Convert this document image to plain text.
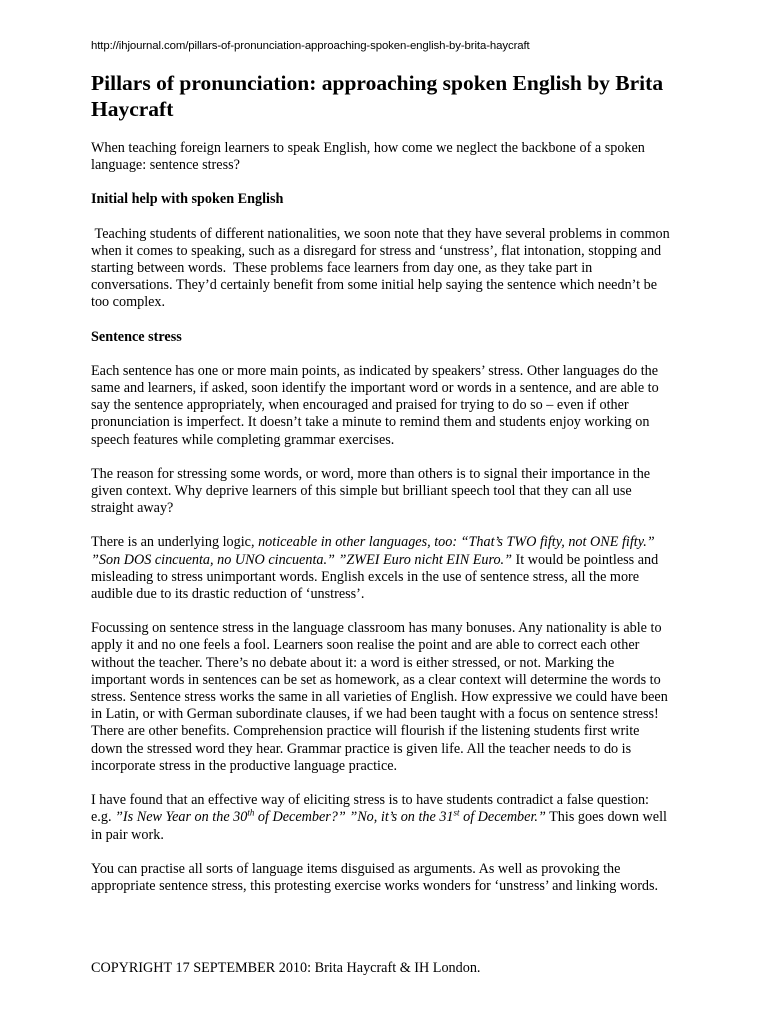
http://ihjournal.com/pillars-of-pronunciation-approaching-spoken-english-by-brita-haycraft
Pillars of pronunciation: approaching spoken English by Brita Haycraft

When teaching foreign learners to speak English, how come we neglect the backbone of a spoken language: sentence stress?

Initial help with spoken English

Teaching students of different nationalities, we soon note that they have several problems in common when it comes to speaking, such as a disregard for stress and ‘unstress’, flat intonation, stopping and starting between words.  These problems face learners from day one, as they take part in conversations. They’d certainly benefit from some initial help saying the sentence which needn’t be too complex.

Sentence stress

Each sentence has one or more main points, as indicated by speakers’ stress. Other languages do the same and learners, if asked, soon identify the important word or words in a sentence, and are able to say the sentence appropriately, when encouraged and praised for trying to do so – even if other pronunciation is imperfect. It doesn’t take a minute to remind them and students enjoy working on speech features while completing grammar exercises.

The reason for stressing some words, or word, more than others is to signal their importance in the given context. Why deprive learners of this simple but brilliant speech tool that they can all use straight away?

There is an underlying logic, noticeable in other languages, too: “That’s TWO fifty, not ONE fifty.” ”Son DOS cincuenta, no UNO cincuenta.” ”ZWEI Euro nicht EIN Euro.” It would be pointless and misleading to stress unimportant words. English excels in the use of sentence stress, all the more audible due to its drastic reduction of ‘unstress’.

Focussing on sentence stress in the language classroom has many bonuses. Any nationality is able to apply it and no one feels a fool. Learners soon realise the point and are able to correct each other without the teacher. There’s no debate about it: a word is either stressed, or not. Marking the important words in sentences can be set as homework, as a clear context will determine the words to stress. Sentence stress works the same in all varieties of English. How expressive we could have been in Latin, or with German subordinate clauses, if we had been taught with a focus on sentence stress! There are other benefits. Comprehension practice will flourish if the listening students first write down the stressed word they hear. Grammar practice is given life. All the teacher needs to do is incorporate stress in the productive language practice.

I have found that an effective way of eliciting stress is to have students contradict a false question: e.g. ”Is New Year on the 30th of December?” ”No, it’s on the 31st of December.” This goes down well in pair work.

You can practise all sorts of language items disguised as arguments. As well as provoking the appropriate sentence stress, this protesting exercise works wonders for ‘unstress’ and linking words.

COPYRIGHT 17 SEPTEMBER 2010: Brita Haycraft & IH London.
